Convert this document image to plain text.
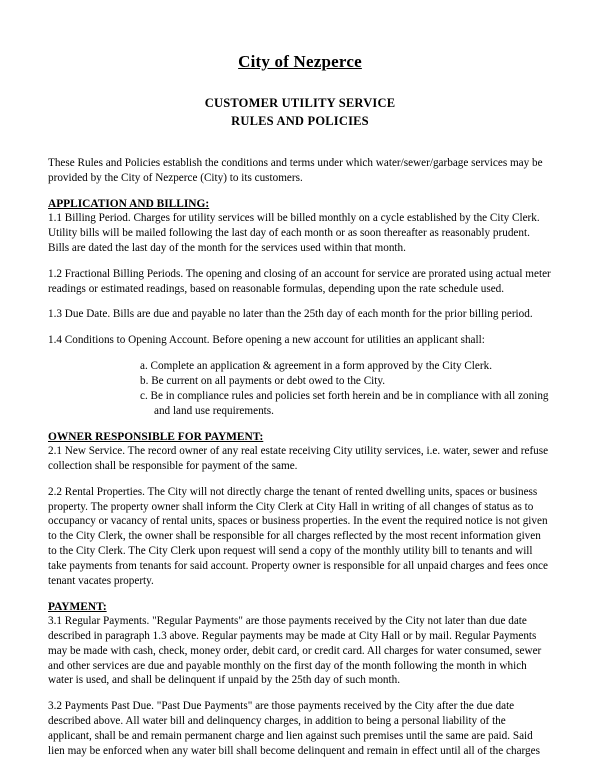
City of Nezperce
CUSTOMER UTILITY SERVICE
RULES AND POLICIES

These Rules and Policies establish the conditions and terms under which water/sewer/garbage services may be provided by the City of Nezperce (City) to its customers.

APPLICATION AND BILLING:

1.1 Billing Period. Charges for utility services will be billed monthly on a cycle established by the City Clerk. Utility bills will be mailed following the last day of each month or as soon thereafter as reasonably prudent. Bills are dated the last day of the month for the services used within that month.

1.2 Fractional Billing Periods. The opening and closing of an account for service are prorated using actual meter readings or estimated readings, based on reasonable formulas, depending upon the rate schedule used.

1.3 Due Date. Bills are due and payable no later than the 25th day of each month for the prior billing period.

1.4 Conditions to Opening Account. Before opening a new account for utilities an applicant shall:

a. Complete an application & agreement in a form approved by the City Clerk.
b. Be current on all payments or debt owed to the City.
c. Be in compliance rules and policies set forth herein and be in compliance with all zoning and land use requirements.
OWNER RESPONSIBLE FOR PAYMENT:

2.1 New Service. The record owner of any real estate receiving City utility services, i.e. water, sewer and refuse collection shall be responsible for payment of the same.

2.2 Rental Properties. The City will not directly charge the tenant of rented dwelling units, spaces or business property. The property owner shall inform the City Clerk at City Hall in writing of all changes of status as to occupancy or vacancy of rental units, spaces or business properties. In the event the required notice is not given to the City Clerk, the owner shall be responsible for all charges reflected by the most recent information given to the City Clerk. The City Clerk upon request will send a copy of the monthly utility bill to tenants and will take payments from tenants for said account. Property owner is responsible for all unpaid charges and fees once tenant vacates property.

PAYMENT:

3.1 Regular Payments. "Regular Payments" are those payments received by the City not later than due date described in paragraph 1.3 above. Regular payments may be made at City Hall or by mail. Regular Payments may be made with cash, check, money order, debit card, or credit card. All charges for water consumed, sewer and other services are due and payable monthly on the first day of the month following the month in which water is used, and shall be delinquent if unpaid by the 25th day of such month.

3.2 Payments Past Due. "Past Due Payments" are those payments received by the City after the due date described above. All water bill and delinquency charges, in addition to being a personal liability of the applicant, shall be and remain permanent charge and lien against such premises until the same are paid. Said lien may be enforced when any water bill shall become delinquent and remain in effect until all of the charges
